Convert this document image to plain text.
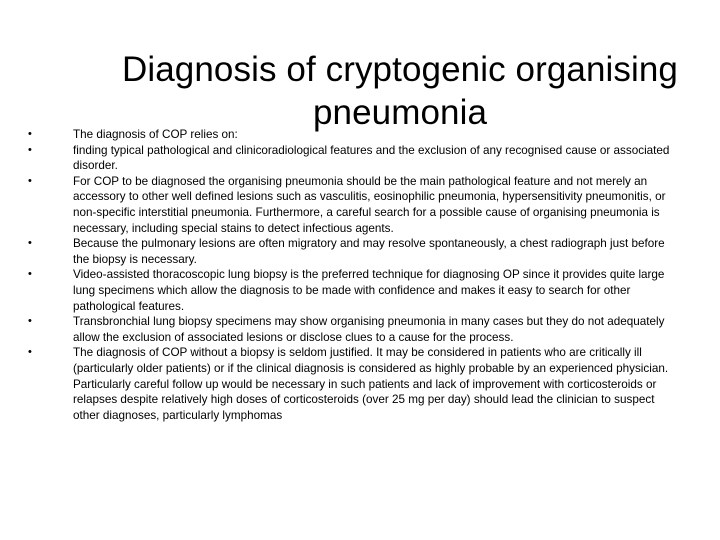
Diagnosis of cryptogenic organising
pneumonia
•	The diagnosis of COP relies on:
•	finding typical pathological and clinicoradiological features and the exclusion of any recognised cause or associated disorder.
•	For COP to be diagnosed the organising pneumonia should be the main pathological feature and not merely an accessory to other well defined lesions such as vasculitis, eosinophilic pneumonia, hypersensitivity pneumonitis, or non-specific interstitial pneumonia. Furthermore, a careful search for a possible cause of organising pneumonia is necessary, including special stains to detect infectious agents.
•	Because the pulmonary lesions are often migratory and may resolve spontaneously, a chest radiograph just before the biopsy is necessary.
•	Video-assisted thoracoscopic lung biopsy is the preferred technique for diagnosing OP since it provides quite large lung specimens which allow the diagnosis to be made with confidence and makes it easy to search for other pathological features.
•	Transbronchial lung biopsy specimens may show organising pneumonia in many cases but they do not adequately allow the exclusion of associated lesions or disclose clues to a cause for the process.
•	The diagnosis of COP without a biopsy is seldom justified. It may be considered in patients who are critically ill (particularly older patients) or if the clinical diagnosis is considered as highly probable by an experienced physician. Particularly careful follow up would be necessary in such patients and lack of improvement with corticosteroids or relapses despite relatively high doses of corticosteroids (over 25 mg per day) should lead the clinician to suspect other diagnoses, particularly lymphomas
